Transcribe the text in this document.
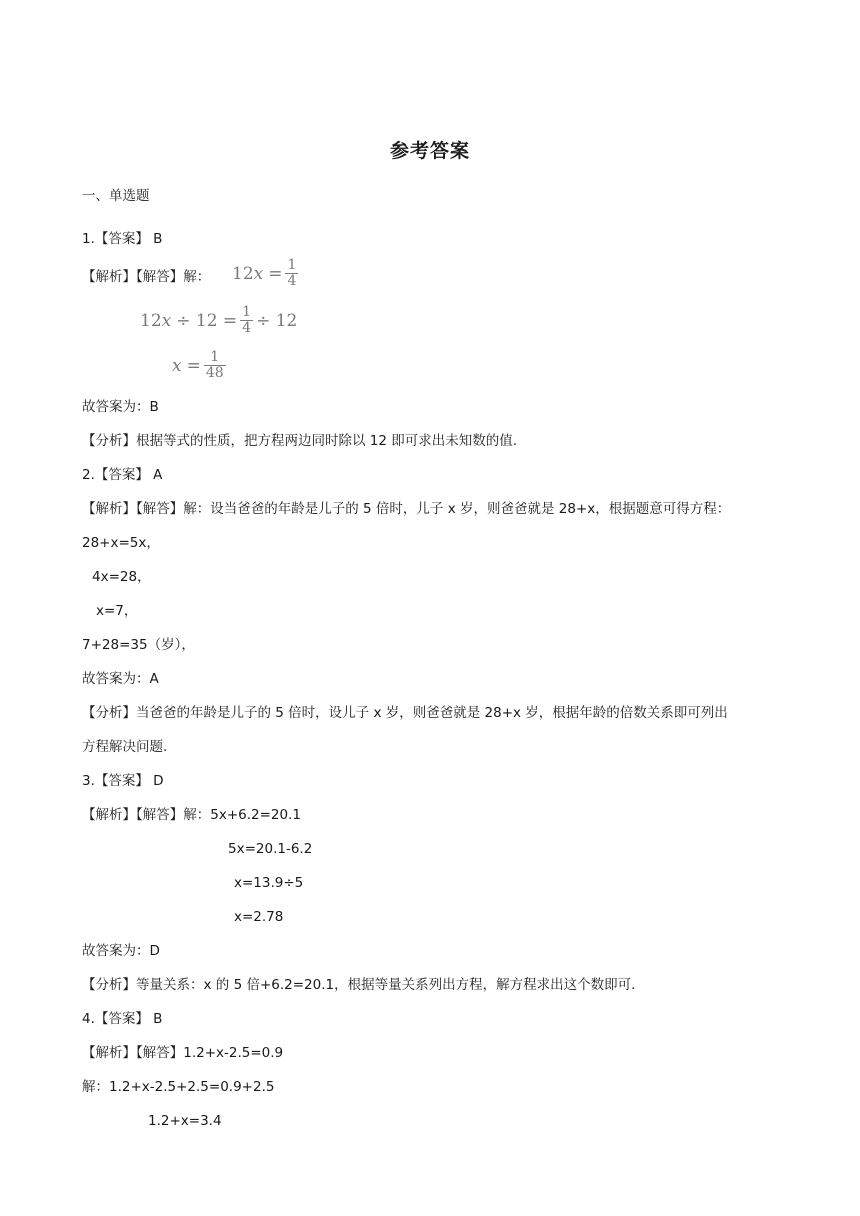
参考答案
一、单选题
1.【答案】 B
【解析】【解答】解： 12 $x = \frac{1}{4}$
12 $x \div 12 = \frac{1}{4} \div 12$
$x = \frac{1}{48}$
故答案为：B
【分析】根据等式的性质，把方程两边同时除以 12 即可求出未知数的值.
2.【答案】 A
【解析】【解答】解：设当爸爸的年龄是儿子的 5 倍时，儿子 x 岁，则爸爸就是 28+x，根据题意可得方程：
28+x=5x，
4x=28，
x=7，
7+28=35（岁），
故答案为：A
【分析】当爸爸的年龄是儿子的 5 倍时，设儿子 x 岁，则爸爸就是 28+x 岁，根据年龄的倍数关系即可列出
方程解决问题.
3.【答案】 D
【解析】【解答】解：5x+6.2=20.1
5x=20.1-6.2
x=13.9÷5
x=2.78
故答案为：D
【分析】等量关系：x 的 5 倍+6.2=20.1，根据等量关系列出方程，解方程求出这个数即可.
4.【答案】 B
【解析】【解答】1.2+x-2.5=0.9
解：1.2+x-2.5+2.5=0.9+2.5
1.2+x=3.4
